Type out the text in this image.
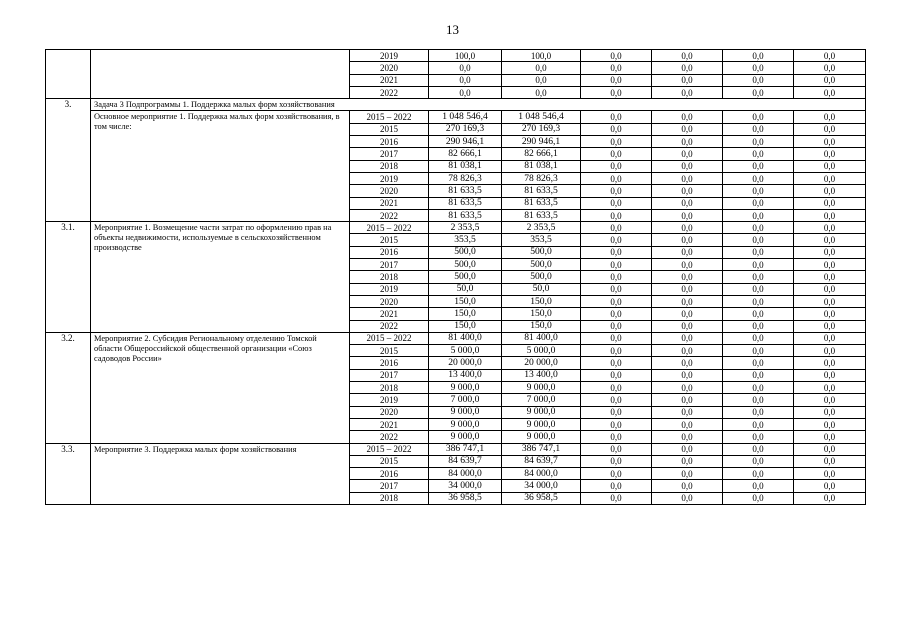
13
		2019	100,0	100,0	0,0	0,0	0,0	0,0
		2020	0,0	0,0	0,0	0,0	0,0	0,0
		2021	0,0	0,0	0,0	0,0	0,0	0,0
		2022	0,0	0,0	0,0	0,0	0,0	0,0
3.	Задача 3 Подпрограммы 1. Поддержка малых форм хозяйствования							
	Основное мероприятие 1. Поддержка малых форм хозяйствования, в том числе:	2015 – 2022	1 048 546,4	1 048 546,4	0,0	0,0	0,0	0,0
		2015	270 169,3	270 169,3	0,0	0,0	0,0	0,0
		2016	290 946,1	290 946,1	0,0	0,0	0,0	0,0
		2017	82 666,1	82 666,1	0,0	0,0	0,0	0,0
		2018	81 038,1	81 038,1	0,0	0,0	0,0	0,0
		2019	78 826,3	78 826,3	0,0	0,0	0,0	0,0
		2020	81 633,5	81 633,5	0,0	0,0	0,0	0,0
		2021	81 633,5	81 633,5	0,0	0,0	0,0	0,0
		2022	81 633,5	81 633,5	0,0	0,0	0,0	0,0
3.1.	Мероприятие 1. Возмещение части затрат по оформлению прав на объекты недвижимости, используемые в сельскохозяйственном производстве	2015 – 2022	2 353,5	2 353,5	0,0	0,0	0,0	0,0
		2015	353,5	353,5	0,0	0,0	0,0	0,0
		2016	500,0	500,0	0,0	0,0	0,0	0,0
		2017	500,0	500,0	0,0	0,0	0,0	0,0
		2018	500,0	500,0	0,0	0,0	0,0	0,0
		2019	50,0	50,0	0,0	0,0	0,0	0,0
		2020	150,0	150,0	0,0	0,0	0,0	0,0
		2021	150,0	150,0	0,0	0,0	0,0	0,0
		2022	150,0	150,0	0,0	0,0	0,0	0,0
3.2.	Мероприятие 2. Субсидия Региональному отделению Томской области Общероссийской общественной организации «Союз садоводов России»	2015 – 2022	81 400,0	81 400,0	0,0	0,0	0,0	0,0
		2015	5 000,0	5 000,0	0,0	0,0	0,0	0,0
		2016	20 000,0	20 000,0	0,0	0,0	0,0	0,0
		2017	13 400,0	13 400,0	0,0	0,0	0,0	0,0
		2018	9 000,0	9 000,0	0,0	0,0	0,0	0,0
		2019	7 000,0	7 000,0	0,0	0,0	0,0	0,0
		2020	9 000,0	9 000,0	0,0	0,0	0,0	0,0
		2021	9 000,0	9 000,0	0,0	0,0	0,0	0,0
		2022	9 000,0	9 000,0	0,0	0,0	0,0	0,0
3.3.	Мероприятие 3. Поддержка малых форм хозяйствования	2015 – 2022	386 747,1	386 747,1	0,0	0,0	0,0	0,0
		2015	84 639,7	84 639,7	0,0	0,0	0,0	0,0
		2016	84 000,0	84 000,0	0,0	0,0	0,0	0,0
		2017	34 000,0	34 000,0	0,0	0,0	0,0	0,0
		2018	36 958,5	36 958,5	0,0	0,0	0,0	0,0
